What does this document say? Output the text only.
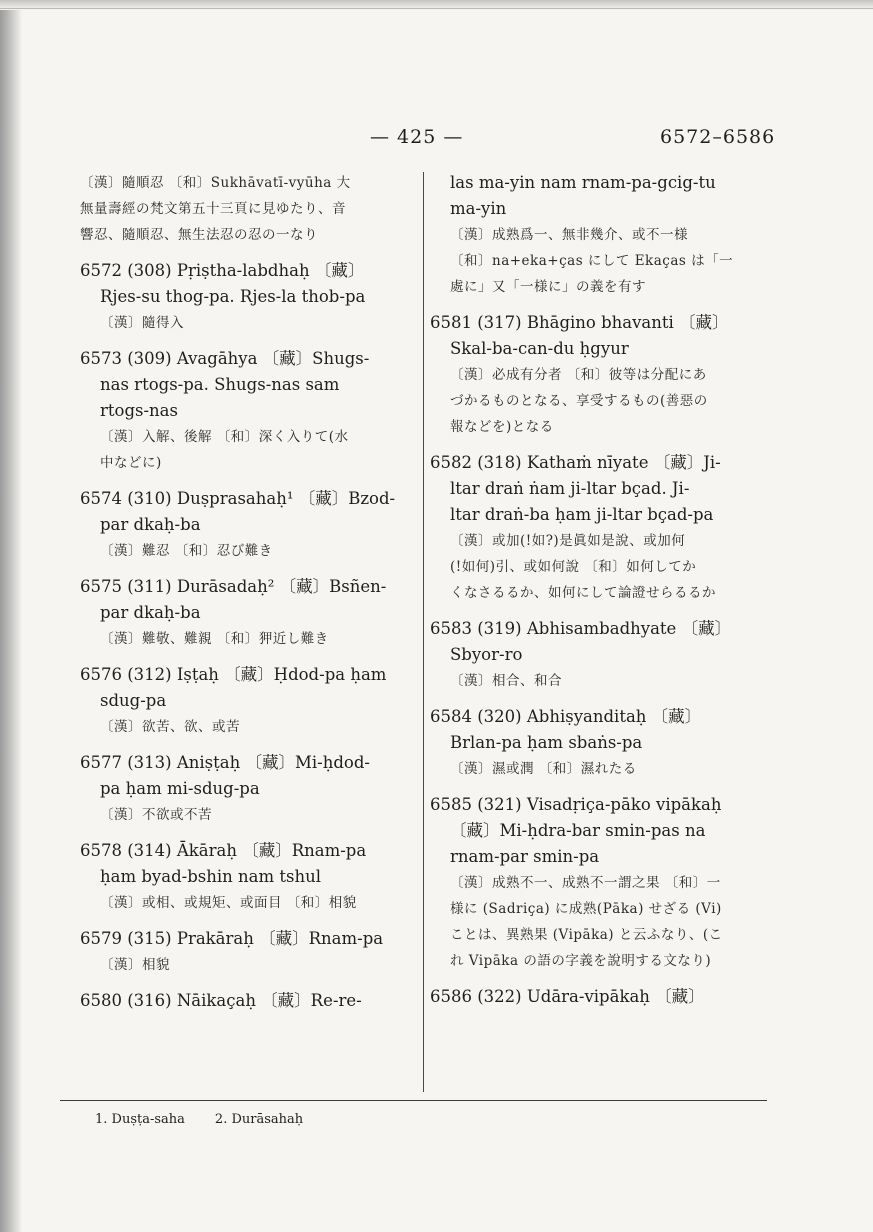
— 425 —	6572–6586
〔漢〕隨順忍 〔和〕Sukhāvatī-vyūha 大
無量壽經の梵文第五十三頁に見ゆたり、音
響忍、隨順忍、無生法忍の忍の一なり
6572 (308) Pṛiṣtha-labdhaḥ 〔藏〕
Rjes-su thog-pa. Rjes-la thob-pa
〔漢〕隨得入
6573 (309) Avagāhya 〔藏〕Shugs-
nas rtogs-pa. Shugs-nas sam
rtogs-nas
〔漢〕入解、後解 〔和〕深く入りて(水
中などに)
6574 (310) Duṣprasahaḥ¹ 〔藏〕Bzod-
par dkaḥ-ba
〔漢〕難忍 〔和〕忍び難き
6575 (311) Durāsadaḥ² 〔藏〕Bsñen-
par dkaḥ-ba
〔漢〕難敬、難親 〔和〕狎近し難き
6576 (312) Iṣṭaḥ 〔藏〕Ḥdod-pa ḥam
sdug-pa
〔漢〕欲苦、欲、或苦
6577 (313) Aniṣṭaḥ 〔藏〕Mi-ḥdod-
pa ḥam mi-sdug-pa
〔漢〕不欲或不苦
6578 (314) Ākāraḥ 〔藏〕Rnam-pa
ḥam byad-bshin nam tshul
〔漢〕或相、或規矩、或面目 〔和〕相貌
6579 (315) Prakāraḥ 〔藏〕Rnam-pa
〔漢〕相貌
6580 (316) Nāikaçaḥ 〔藏〕Re-re-
las ma-yin nam rnam-pa-gcig-tu
ma-yin
〔漢〕成熟爲一、無非幾介、或不一様
〔和〕na+eka+ças にして Ekaças は「一
處に」又「一様に」の義を有す
6581 (317) Bhāgino bhavanti 〔藏〕
Skal-ba-can-du ḥgyur
〔漢〕必成有分者 〔和〕彼等は分配にあ
づかるものとなる、享受するもの(善惡の
報などを)となる
6582 (318) Kathaṁ nīyate 〔藏〕Ji-
ltar draṅ ṅam ji-ltar bçad. Ji-
ltar draṅ-ba ḥam ji-ltar bçad-pa
〔漢〕或加(!如?)是眞如是說、或加何
(!如何)引、或如何說 〔和〕如何してか
くなさるるか、如何にして論證せらるるか
6583 (319) Abhisambadhyate 〔藏〕
Sbyor-ro
〔漢〕相合、和合
6584 (320) Abhiṣyanditaḥ 〔藏〕
Brlan-pa ḥam sbaṅs-pa
〔漢〕濕或潤 〔和〕濕れたる
6585 (321) Visadṛiça-pāko vipākaḥ
〔藏〕Mi-ḥdra-bar smin-pas na
rnam-par smin-pa
〔漢〕成熟不一、成熟不一謂之果 〔和〕一
様に (Sadriça) に成熟(Pāka) せざる (Vi)
ことは、異熟果 (Vipāka) と云ふなり、(こ
れ Vipāka の語の字義を說明する文なり)
6586 (322) Udāra-vipākaḥ 〔藏〕
1. Duṣṭa-saha 2. Durāsahaḥ
